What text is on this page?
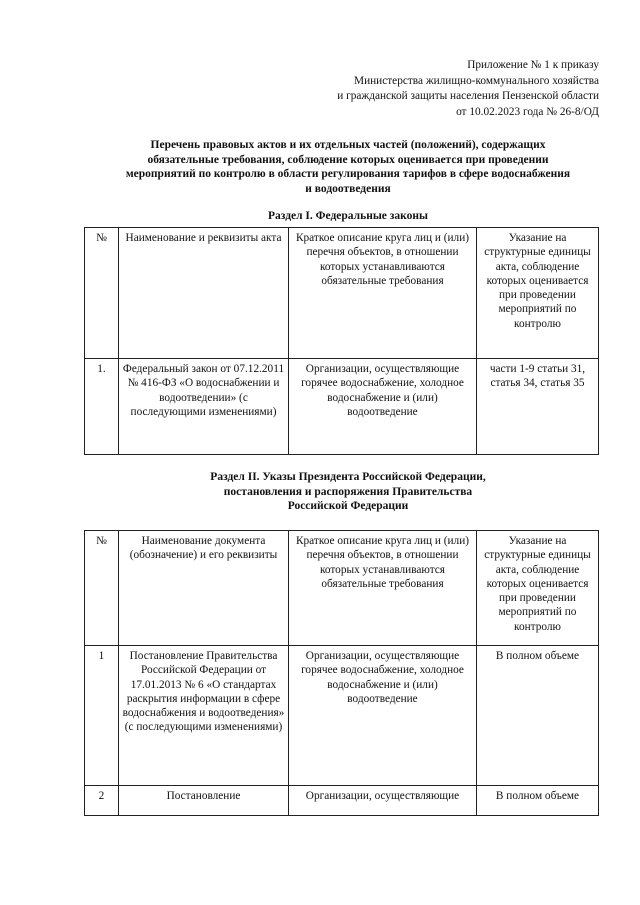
Приложение № 1 к приказу
Министерства жилищно-коммунального хозяйства
и гражданской защиты населения Пензенской области
от 10.02.2023 года № 26-8/ОД
Перечень правовых актов и их отдельных частей (положений), содержащих
обязательные требования, соблюдение которых оценивается при проведении
мероприятий по контролю в области регулирования тарифов в сфере водоснабжения
и водоотведения
Раздел I. Федеральные законы
№	Наименование и реквизиты акта	Краткое описание круга лиц и (или) перечня объектов, в отношении которых устанавливаются обязательные требования	Указание на структурные единицы акта, соблюдение которых оценивается при проведении мероприятий по контролю
1.	Федеральный закон от 07.12.2011 № 416-ФЗ «О водоснабжении и водоотведении» (с последующими изменениями)	Организации, осуществляющие горячее водоснабжение, холодное водоснабжение и (или) водоотведение	части 1-9 статьи 31, статья 34, статья 35
Раздел II. Указы Президента Российской Федерации,
постановления и распоряжения Правительства
Российской Федерации
№	Наименование документа (обозначение) и его реквизиты	Краткое описание круга лиц и (или) перечня объектов, в отношении которых устанавливаются обязательные требования	Указание на структурные единицы акта, соблюдение которых оценивается при проведении мероприятий по контролю
1	Постановление Правительства Российской Федерации от 17.01.2013 № 6 «О стандартах раскрытия информации в сфере водоснабжения и водоотведения» (с последующими изменениями)	Организации, осуществляющие горячее водоснабжение, холодное водоснабжение и (или) водоотведение	В полном объеме
2	Постановление	Организации, осуществляющие	В полном объеме
